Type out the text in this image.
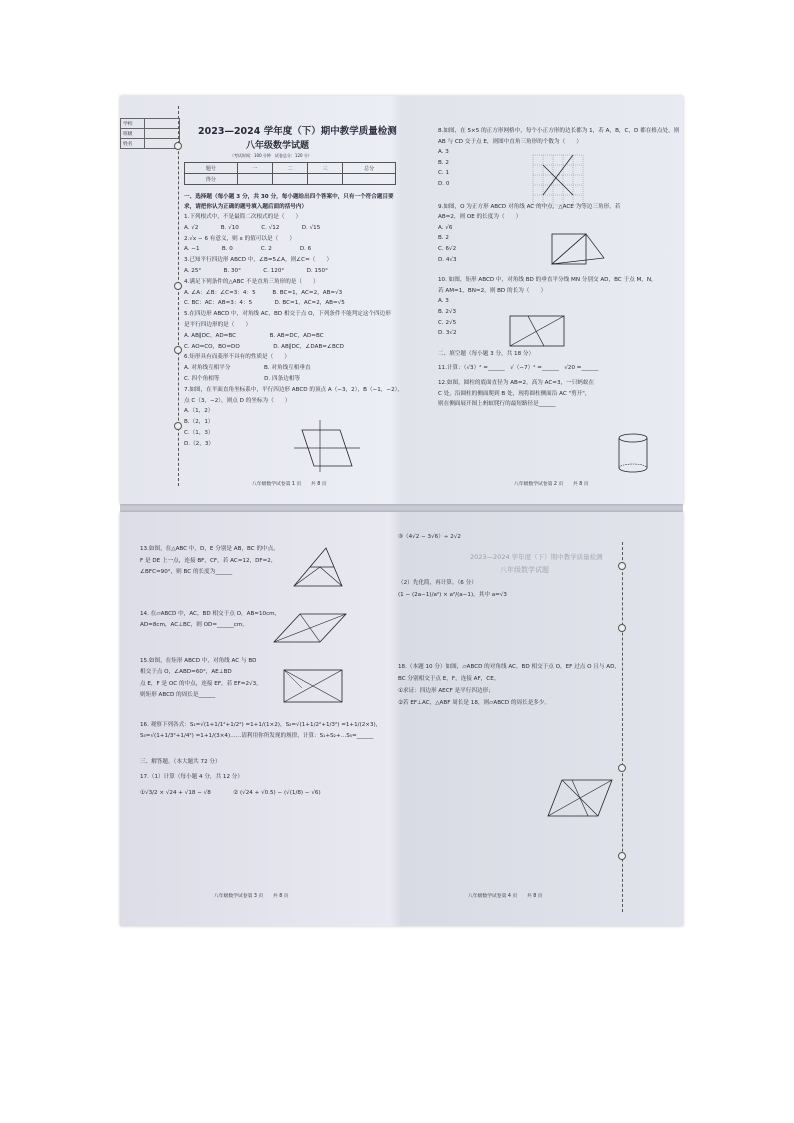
学校	
班级	
姓名	
2023—2024 学年度（下）期中教学质量检测
八年级数学试题
（考试时间：100 分钟　试卷总分：120 分）
题号	一	二	三	总分
得分				
一、选择题（每小题 3 分，共 30 分，每小题给出四个答案中，只有一个符合题目要
求，请把你认为正确的题号填入题后面的括号内）
1.下列根式中，不是最简二次根式的是（　　）
A. √2　　　　B. √10　　　　C. √12　　　　D. √15
2.√x − 6 有意义，则 x 的值可以是（　　）
A. −1　　　　B. 0　　　　　C. 2　　　　　D. 6
3.已知平行四边形 ABCD 中，∠B=5∠A，则∠C=（　　）
A. 25°　　　　B. 30°　　　　C. 120°　　　　D. 150°
4.满足下列条件的△ABC 不是直角三角形的是（　　）
A. ∠A：∠B：∠C=3：4：5　　　B. BC=1，AC=2，AB=√3
C. BC：AC：AB=3：4：5　　　　D. BC=1，AC=2，AB=√5
5.在四边形 ABCD 中，对角线 AC，BD 相交于点 O，下列条件不能判定这个四边形
是平行四边形的是（　　）
A. AB∥DC，AD=BC　　　　　　B. AB=DC，AD=BC
C. AO=CO，BO=DO　　　　　　D. AB∥DC，∠DAB=∠BCD
6.矩形具有而菱形不具有的性质是（　　）
A. 对角线互相平分　　　　　　B. 对角线互相垂直
C. 四个角相等　　　　　　　　D. 四条边相等
7.如图，在平面直角坐标系中，平行四边形 ABCD 的顶点 A（−3，2），B（−1，−2），
点 C（3，−2），则点 D 的坐标为（　　）
A.（1，2）
B.（2，1）
C.（1，3）
D.（2，3）
8.如图，在 5×5 的正方形网格中，每个小正方形的边长都为 1，若 A，B，C，D 都在格点处，则
AB 与 CD 交于点 E，则图中直角三角形的个数为（　　）
A. 3
B. 2
C. 1
D. 0
9.如图，O 为正方形 ABCD 对角线 AC 的中点，△ACE 为等边三角形，若
AB=2，则 OE 的长度为（　　）
A. √6
B. 2
C. 6√2
D. 4√3
10. 如图，矩形 ABCD 中，对角线 BD 的垂直平分线 MN 分别交 AD，BC 于点 M，N，
若 AM=1，BN=2，则 BD 的长为（　　）
A. 3
B. 2√3
C. 2√5
D. 3√2
二、填空题（每小题 3 分，共 18 分）
11.计算：（√3）² =______　√（−7）² =______　√20 =______
12.如图，圆柱的底面直径为 AB=2，高为 AC=3，一只蚂蚁在
C 处，沿圆柱的侧面爬到 B 处，现将圆柱侧面沿 AC "剪开"，
则在侧面展开图上蚂蚁爬行的最短路径是______
八年级数学试卷第 1 页　　共 8 页	八年级数学试卷第 2 页　　共 8 页
13.如图，在△ABC 中，D，E 分别是 AB，BC 的中点，
F 是 DE 上一点，连接 BF，CF，若 AC=12，DF=2，
∠BFC=90°，则 BC 的长度为______
14. 在▱ABCD 中，AC，BD 相交于点 O，AB=10cm，
AD=8cm，AC⊥BC，则 OD=______cm。
15.如图，在矩形 ABCD 中，对角线 AC 与 BD
相交于点 O，∠ABD=60°，AE⊥BD
点 E，F 是 OC 的中点，连接 EF，若 EF=2√3，
则矩形 ABCD 的周长是______
16. 观察下列各式：S₁=√(1+1/1²+1/2²) =1+1/(1×2)，S₂=√(1+1/2²+1/3²) =1+1/(2×3)，
S₃=√(1+1/3²+1/4²) =1+1/(3×4)……请利用你所发现的规律，计算：S₁+S₂+…S₅=______
三、解答题。（本大题共 72 分）
17.（1）计算（每小题 4 分，共 12 分）
①√3/2 × √24 + √18 − √8　　　　② (√24 + √0.5) − (√(1/8) − √6)
③（4√2 − 3√6）÷ 2√2
（2）先化简，再计算。（6 分）
(1 − (2a−1)/a²) × a²/(a−1)，其中 a=√3
18.（本题 10 分）如图，▱ABCD 的对角线 AC，BD 相交于点 O，EF 过点 O 且与 AD，
BC 分别相交于点 E，F，连接 AF，CE。
①求证：四边形 AECF 是平行四边形；
②若 EF⊥AC，△ABF 周长是 18，则▱ABCD 的周长是多少。
2023—2024 学年度（下）期中教学质量检测
八年级数学试题
八年级数学试卷第 3 页　　共 8 页	八年级数学试卷第 4 页　　共 8 页
